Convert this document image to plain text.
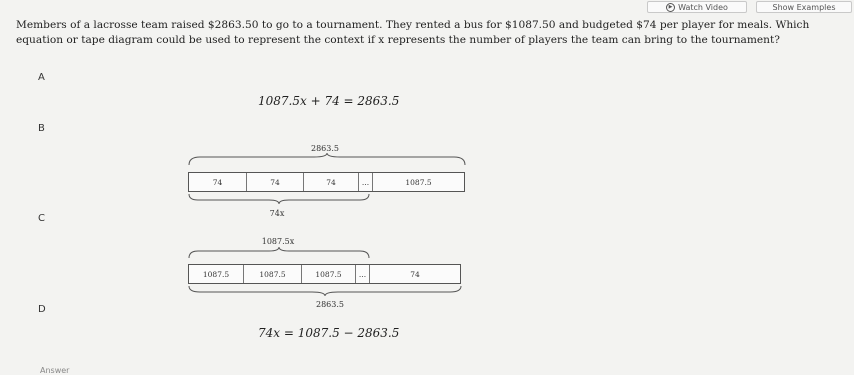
▶ Watch Video	Show Examples
Members of a lacrosse team raised $2863.50 to go to a tournament. They rented a bus for $1087.50 and budgeted $74 per player for meals. Which equation or tape diagram could be used to represent the context if x represents the number of players the team can bring to the tournament?
A
1087.5x + 74 = 2863.5
B
2863.5
74	74	74	...	1087.5
74x
C
1087.5x
1087.5	1087.5	1087.5	...	74
2863.5
D
74x = 1087.5 − 2863.5
Answer
